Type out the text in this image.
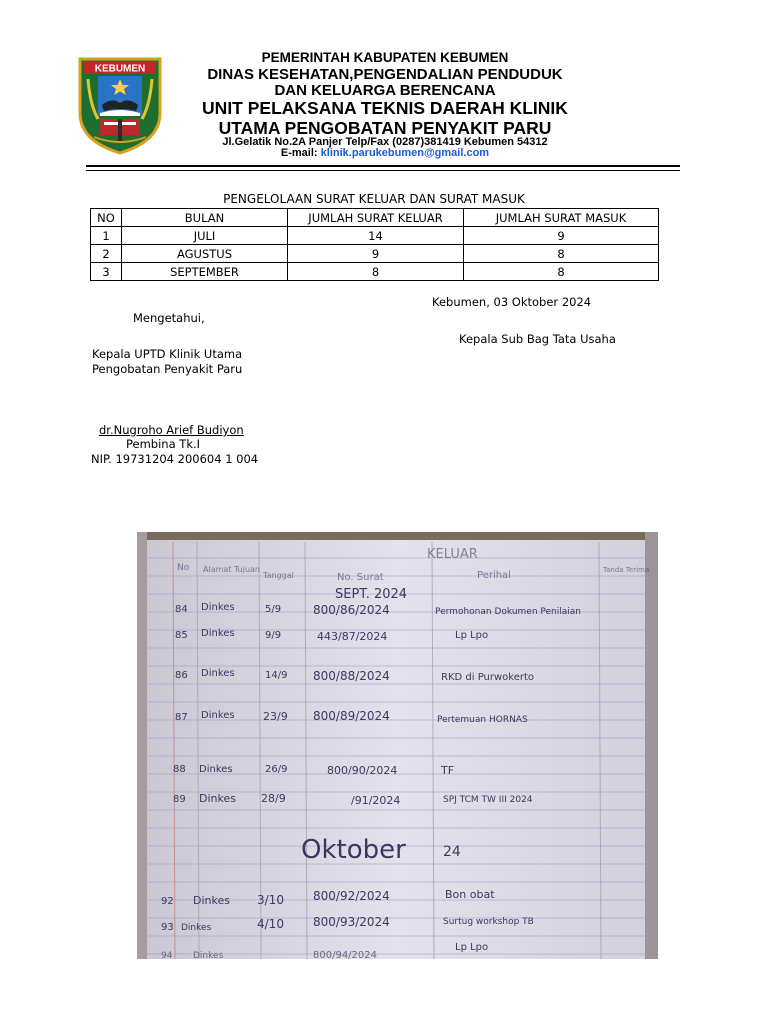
KEBUMEN
PEMERINTAH KABUPATEN KEBUMEN
DINAS KESEHATAN,PENGENDALIAN PENDUDUK
DAN KELUARGA BERENCANA
UNIT PELAKSANA TEKNIS DAERAH KLINIK
UTAMA PENGOBATAN PENYAKIT PARU
Jl.Gelatik No.2A Panjer Telp/Fax (0287)381419 Kebumen 54312
E-mail: klinik.parukebumen@gmail.com
PENGELOLAAN SURAT KELUAR DAN SURAT MASUK
NO	BULAN	JUMLAH SURAT KELUAR	JUMLAH SURAT MASUK
1	JULI	14	9
2	AGUSTUS	9	8
3	SEPTEMBER	8	8
Kebumen, 03 Oktober 2024
Mengetahui,
Kepala Sub Bag Tata Usaha
Kepala UPTD Klinik Utama
Pengobatan Penyakit Paru
dr.Nugroho Arief Budiyon
Pembina Tk.I
NIP. 19731204 200604 1 004
KELUAR
No Alamat Tujuan
Tanggal	No. Surat	Perihal	Tanda Terima
SEPT. 2024
84 Dinkes	5/9	800/86/2024	Permohonan Dokumen Penilaian
85 Dinkes	9/9	443/87/2024	Lp Lpo
86 Dinkes	14/9 800/88/2024	RKD di Purwokerto
87 Dinkes	23/9 800/89/2024	Pertemuan HORNAS
88 Dinkes	26/9	800/90/2024	TF
89 Dinkes 28/9	/91/2024	SPJ TCM TW III 2024
Oktober	24
92 Dinkes 3/10 800/92/2024	Bon obat
93 Dinkes	4/10 800/93/2024	Surtug workshop TB
94 Dinkes	800/94/2024
Lp Lpo
